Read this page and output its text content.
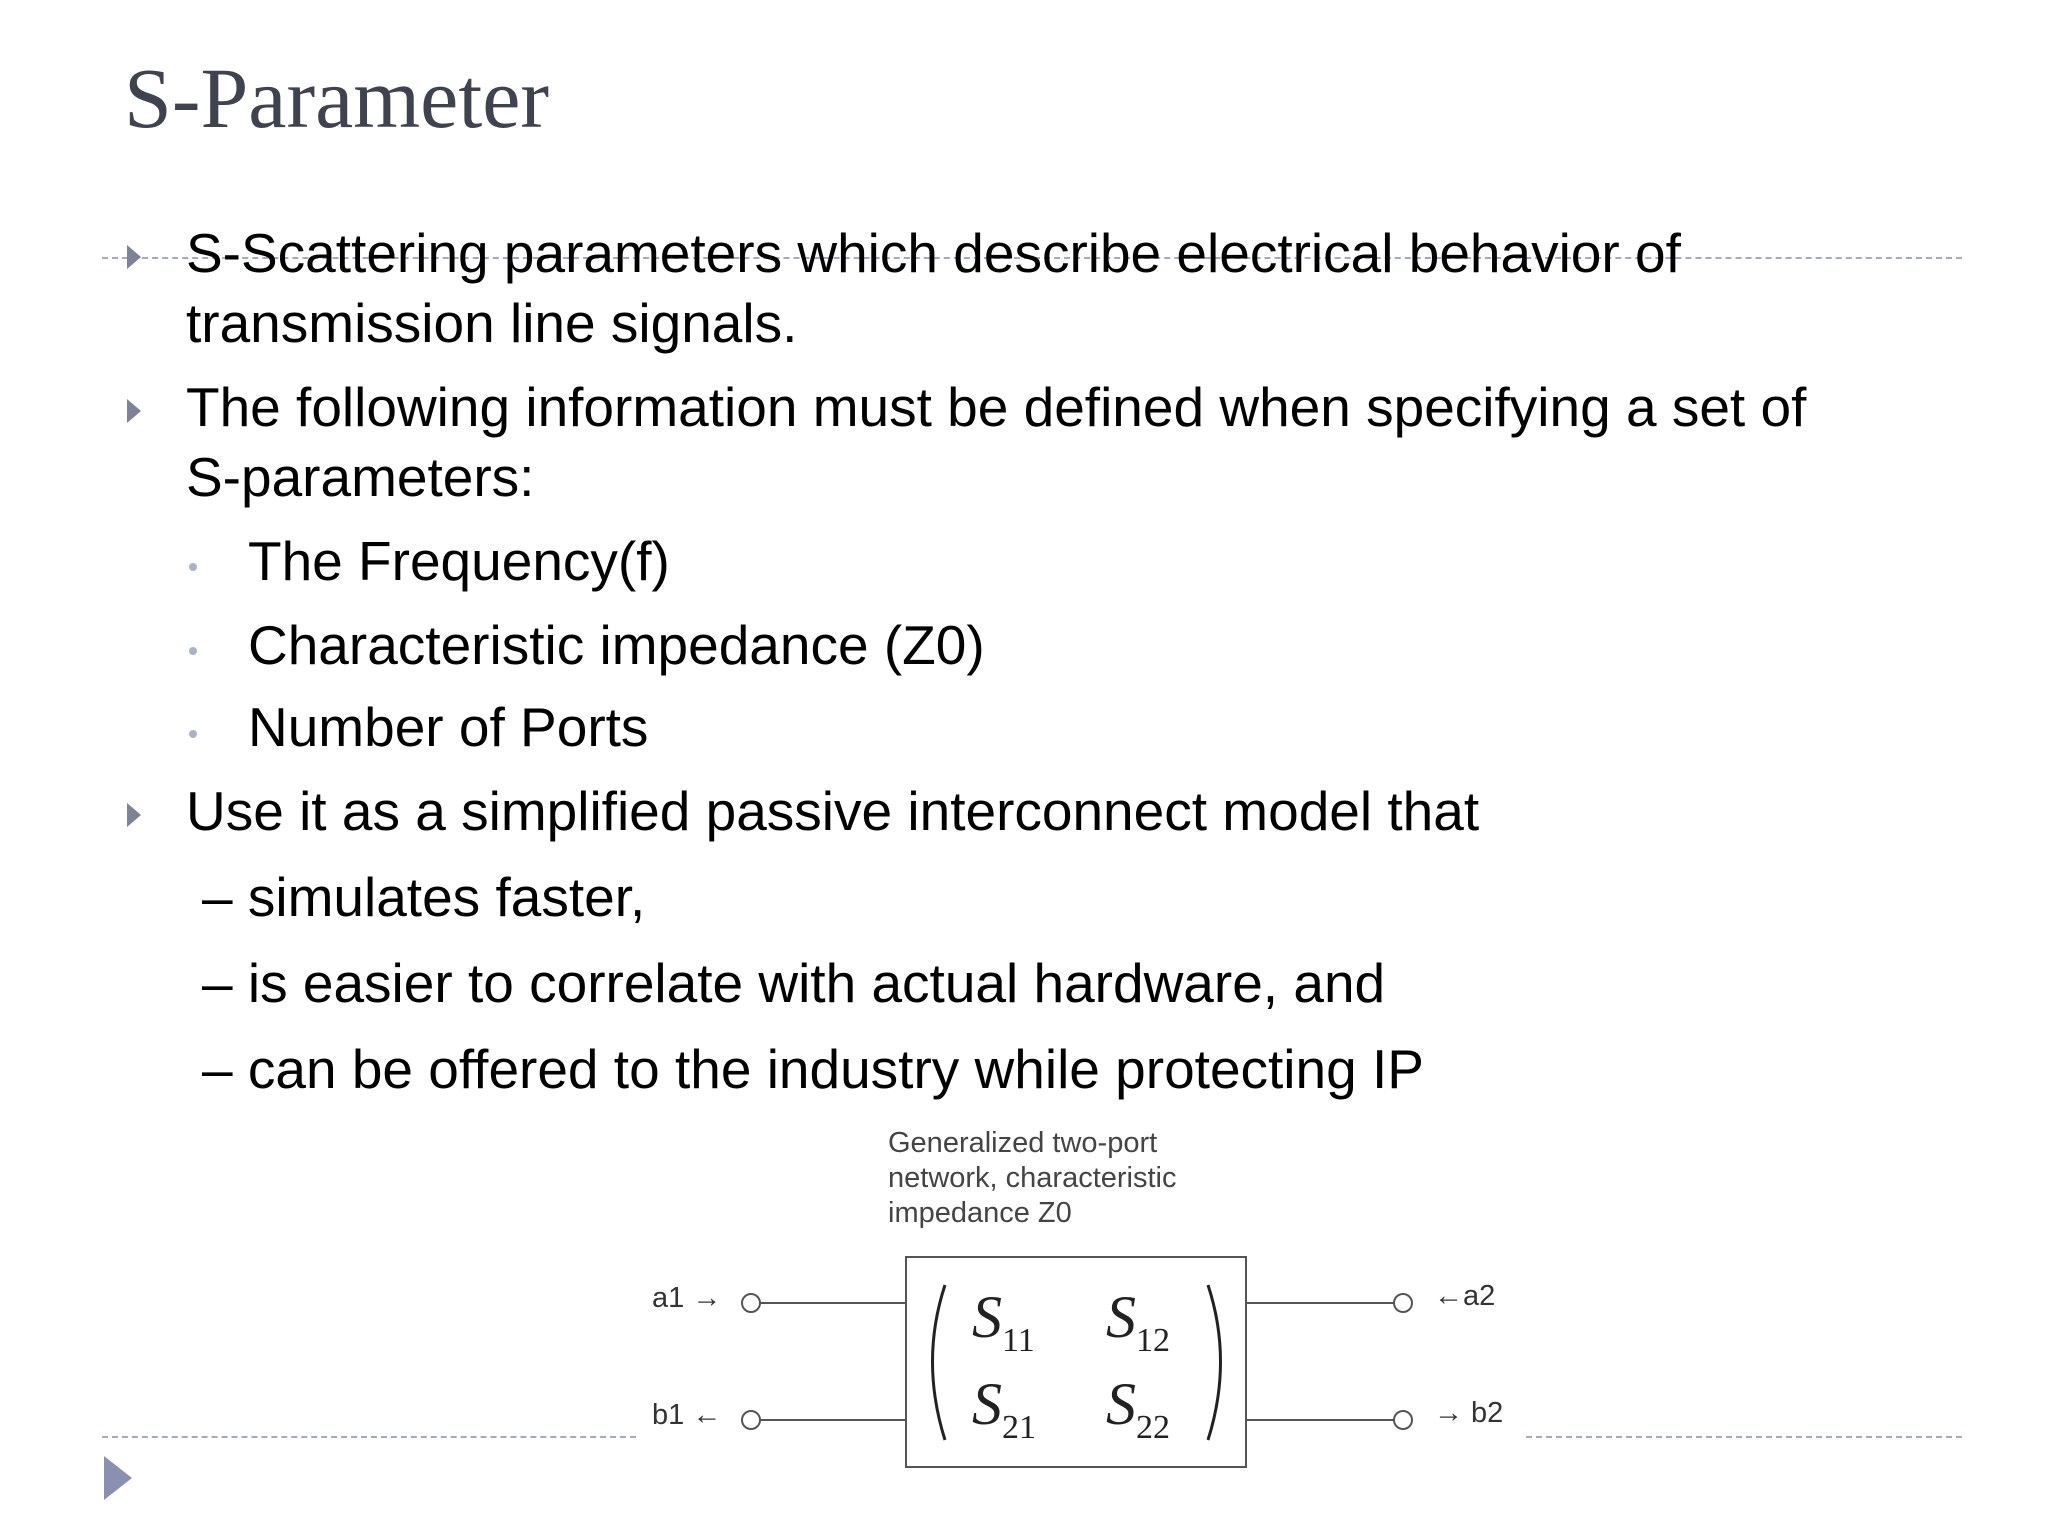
S-Parameter
S-Scattering parameters which describe electrical behavior of
transmission line signals.
The following information must be defined when specifying a set of
S-parameters:
The Frequency(f)
Characteristic impedance (Z0)
Number of Ports
Use it as a simplified passive interconnect model that
– simulates faster,
– is easier to correlate with actual hardware, and
– can be offered to the industry while protecting IP
Generalized two-port
network, characteristic
impedance Z0
a1 →
b1 ←
←a2
→ b2
$S_{11}$ $S_{12}$
$S_{21}$ $S_{22}$
